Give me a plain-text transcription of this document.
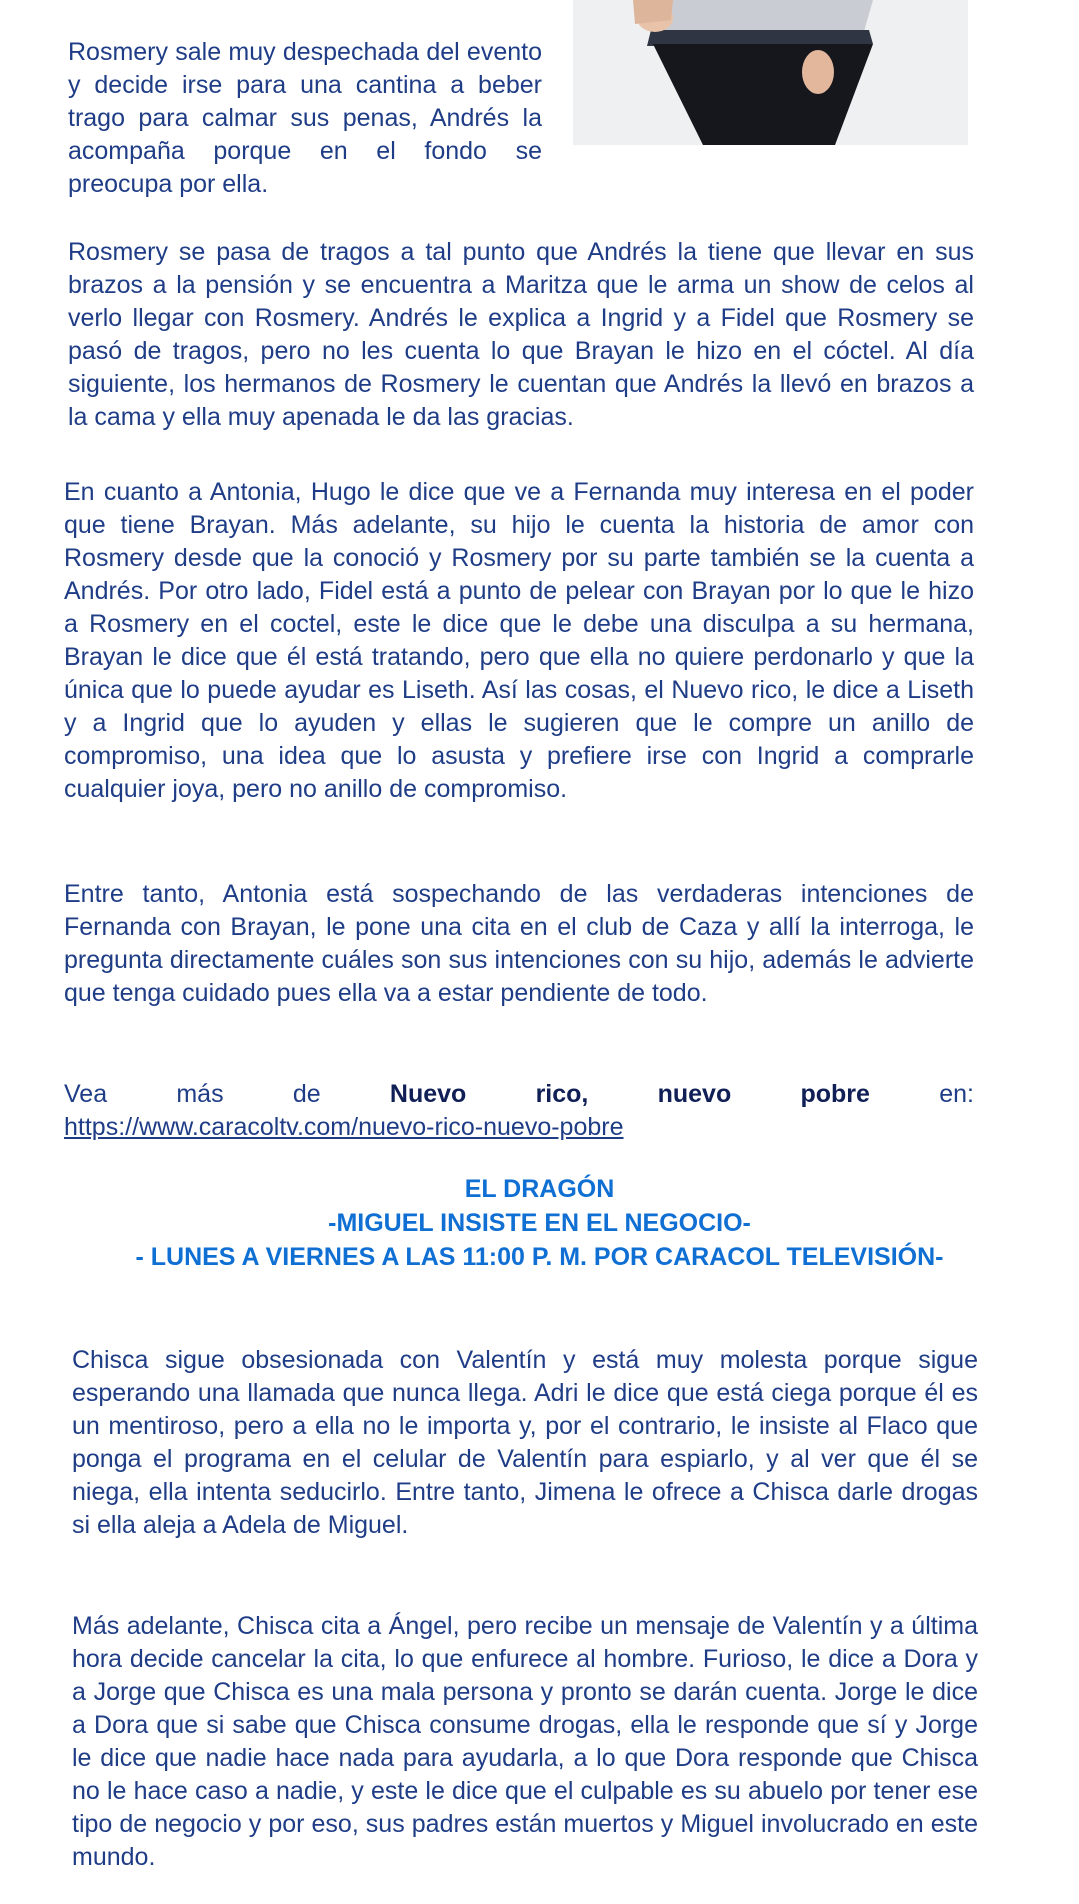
Rosmery sale muy despechada del evento y decide irse para una cantina a beber trago para calmar sus penas, Andrés la acompaña porque en el fondo se preocupa por ella.

Rosmery se pasa de tragos a tal punto que Andrés la tiene que llevar en sus brazos a la pensión y se encuentra a Maritza que le arma un show de celos al verlo llegar con Rosmery. Andrés le explica a Ingrid y a Fidel que Rosmery se pasó de tragos, pero no les cuenta lo que Brayan le hizo en el cóctel. Al día siguiente, los hermanos de Rosmery le cuentan que Andrés la llevó en brazos a la cama y ella muy apenada le da las gracias.

En cuanto a Antonia, Hugo le dice que ve a Fernanda muy interesa en el poder que tiene Brayan. Más adelante, su hijo le cuenta la historia de amor con Rosmery desde que la conoció y Rosmery por su parte también se la cuenta a Andrés. Por otro lado, Fidel está a punto de pelear con Brayan por lo que le hizo a Rosmery en el coctel, este le dice que le debe una disculpa a su hermana, Brayan le dice que él está tratando, pero que ella no quiere perdonarlo y que la única que lo puede ayudar es Liseth. Así las cosas, el Nuevo rico, le dice a Liseth y a Ingrid que lo ayuden y ellas le sugieren que le compre un anillo de compromiso, una idea que lo asusta y prefiere irse con Ingrid a comprarle cualquier joya, pero no anillo de compromiso.

Entre tanto, Antonia está sospechando de las verdaderas intenciones de Fernanda con Brayan, le pone una cita en el club de Caza y allí la interroga, le pregunta directamente cuáles son sus intenciones con su hijo, además le advierte que tenga cuidado pues ella va a estar pendiente de todo.

Vea	más	de	Nuevo	rico,	nuevo	pobre	en:
https://www.caracoltv.com/nuevo-rico-nuevo-pobre
EL DRAGÓN
-MIGUEL INSISTE EN EL NEGOCIO-
- LUNES A VIERNES A LAS 11:00 P. M. POR CARACOL TELEVISIÓN-

Chisca sigue obsesionada con Valentín y está muy molesta porque sigue esperando una llamada que nunca llega. Adri le dice que está ciega porque él es un mentiroso, pero a ella no le importa y, por el contrario, le insiste al Flaco que ponga el programa en el celular de Valentín para espiarlo, y al ver que él se niega, ella intenta seducirlo. Entre tanto, Jimena le ofrece a Chisca darle drogas si ella aleja a Adela de Miguel.

Más adelante, Chisca cita a Ángel, pero recibe un mensaje de Valentín y a última hora decide cancelar la cita, lo que enfurece al hombre. Furioso, le dice a Dora y a Jorge que Chisca es una mala persona y pronto se darán cuenta. Jorge le dice a Dora que si sabe que Chisca consume drogas, ella le responde que sí y Jorge le dice que nadie hace nada para ayudarla, a lo que Dora responde que Chisca no le hace caso a nadie, y este le dice que el culpable es su abuelo por tener ese tipo de negocio y por eso, sus padres están muertos y Miguel involucrado en este mundo.
